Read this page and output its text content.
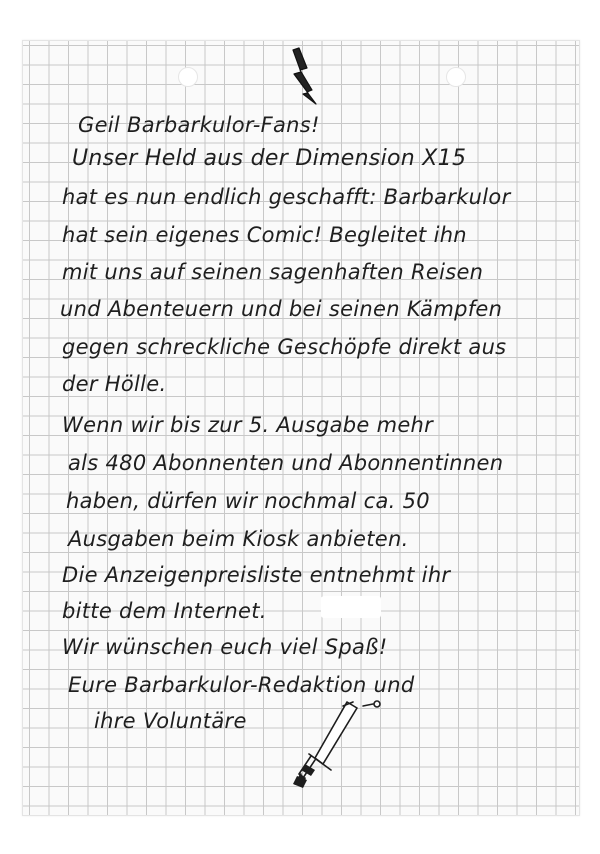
Geil Barbarkulor-Fans!
Unser Held aus der Dimension X15
hat es nun endlich geschafft: Barbarkulor
hat sein eigenes Comic! Begleitet ihn
mit uns auf seinen sagenhaften Reisen
und Abenteuern und bei seinen Kämpfen
gegen schreckliche Geschöpfe direkt aus
der Hölle.
Wenn wir bis zur 5. Ausgabe mehr
als 480 Abonnenten und Abonnentinnen
haben, dürfen wir nochmal ca. 50
Ausgaben beim Kiosk anbieten.
Die Anzeigenpreisliste entnehmt ihr
bitte dem Internet.
Wir wünschen euch viel Spaß!
Eure Barbarkulor-Redaktion und
ihre Voluntäre
